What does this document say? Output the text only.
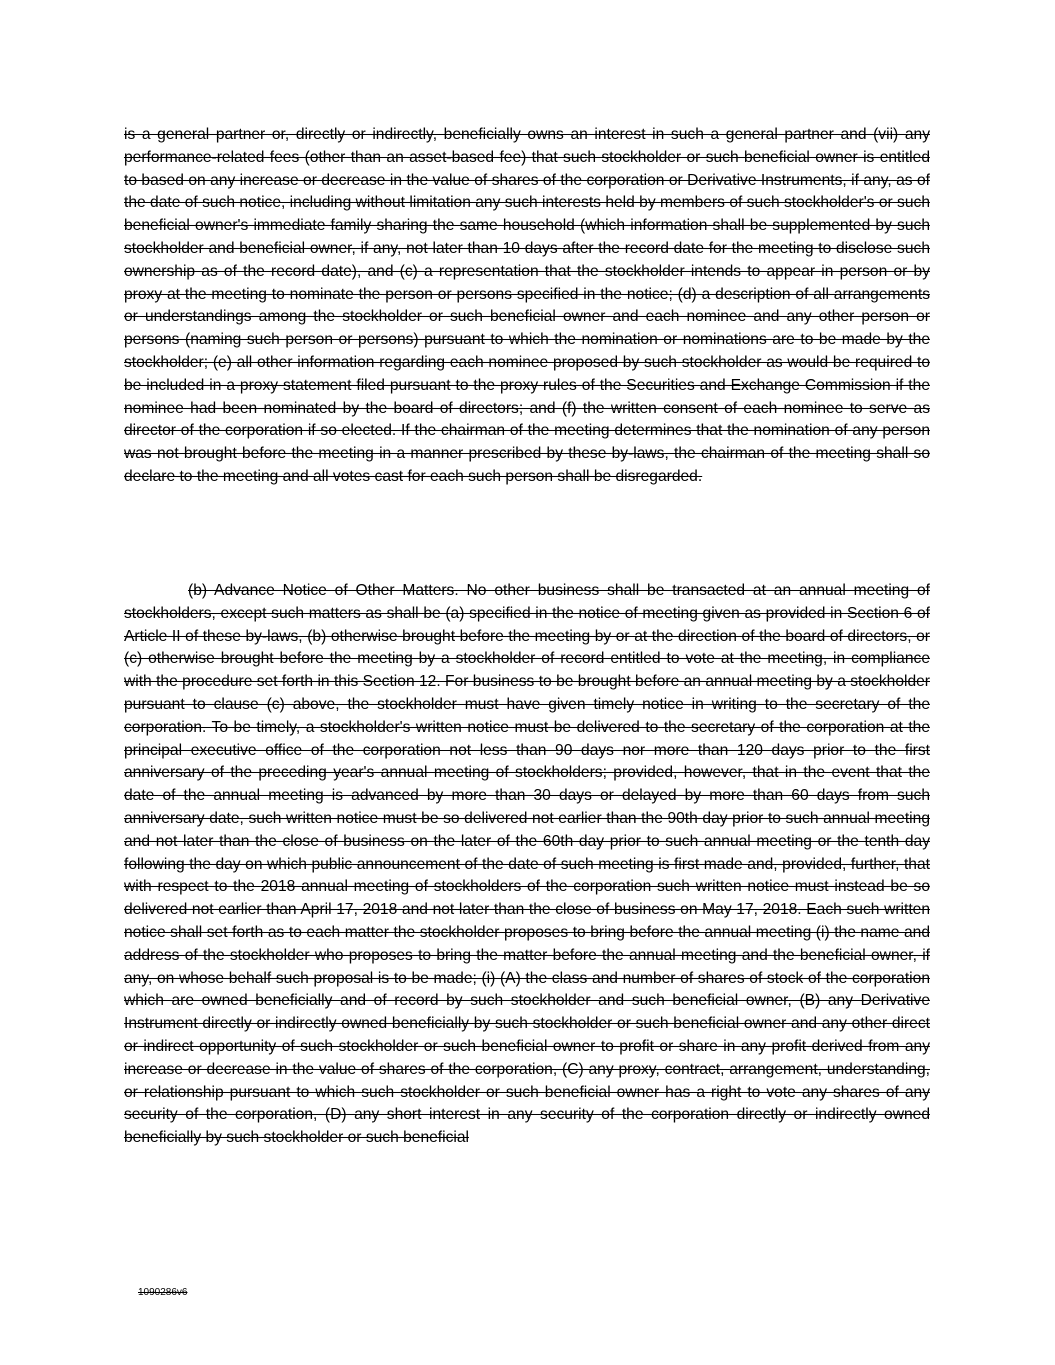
is a general partner or, directly or indirectly, beneficially owns an interest in such a general partner and (vii) any performance-related fees (other than an asset-based fee) that such stockholder or such beneficial owner is entitled to based on any increase or decrease in the value of shares of the corporation or Derivative Instruments, if any, as of the date of such notice, including without limitation any such interests held by members of such stockholder's or such beneficial owner's immediate family sharing the same household (which information shall be supplemented by such stockholder and beneficial owner, if any, not later than 10 days after the record date for the meeting to disclose such ownership as of the record date), and (c) a representation that the stockholder intends to appear in person or by proxy at the meeting to nominate the person or persons specified in the notice; (d) a description of all arrangements or understandings among the stockholder or such beneficial owner and each nominee and any other person or persons (naming such person or persons) pursuant to which the nomination or nominations are to be made by the stockholder; (e) all other information regarding each nominee proposed by such stockholder as would be required to be included in a proxy statement filed pursuant to the proxy rules of the Securities and Exchange Commission if the nominee had been nominated by the board of directors; and (f) the written consent of each nominee to serve as director of the corporation if so elected. If the chairman of the meeting determines that the nomination of any person was not brought before the meeting in a manner prescribed by these by-laws, the chairman of the meeting shall so declare to the meeting and all votes cast for each such person shall be disregarded.

(b) Advance Notice of Other Matters. No other business shall be transacted at an annual meeting of stockholders, except such matters as shall be (a) specified in the notice of meeting given as provided in Section 6 of Article II of these by-laws, (b) otherwise brought before the meeting by or at the direction of the board of directors, or (c) otherwise brought before the meeting by a stockholder of record entitled to vote at the meeting, in compliance with the procedure set forth in this Section 12. For business to be brought before an annual meeting by a stockholder pursuant to clause (c) above, the stockholder must have given timely notice in writing to the secretary of the corporation. To be timely, a stockholder's written notice must be delivered to the secretary of the corporation at the principal executive office of the corporation not less than 90 days nor more than 120 days prior to the first anniversary of the preceding year's annual meeting of stockholders; provided, however, that in the event that the date of the annual meeting is advanced by more than 30 days or delayed by more than 60 days from such anniversary date, such written notice must be so delivered not earlier than the 90th day prior to such annual meeting and not later than the close of business on the later of the 60th day prior to such annual meeting or the tenth day following the day on which public announcement of the date of such meeting is first made and, provided, further, that with respect to the 2018 annual meeting of stockholders of the corporation such written notice must instead be so delivered not earlier than April 17, 2018 and not later than the close of business on May 17, 2018. Each such written notice shall set forth as to each matter the stockholder proposes to bring before the annual meeting (i) the name and address of the stockholder who proposes to bring the matter before the annual meeting and the beneficial owner, if any, on whose behalf such proposal is to be made; (i) (A) the class and number of shares of stock of the corporation which are owned beneficially and of record by such stockholder and such beneficial owner, (B) any Derivative Instrument directly or indirectly owned beneficially by such stockholder or such beneficial owner and any other direct or indirect opportunity of such stockholder or such beneficial owner to profit or share in any profit derived from any increase or decrease in the value of shares of the corporation, (C) any proxy, contract, arrangement, understanding, or relationship pursuant to which such stockholder or such beneficial owner has a right to vote any shares of any security of the corporation, (D) any short interest in any security of the corporation directly or indirectly owned beneficially by such stockholder or such beneficial

1090286v6
